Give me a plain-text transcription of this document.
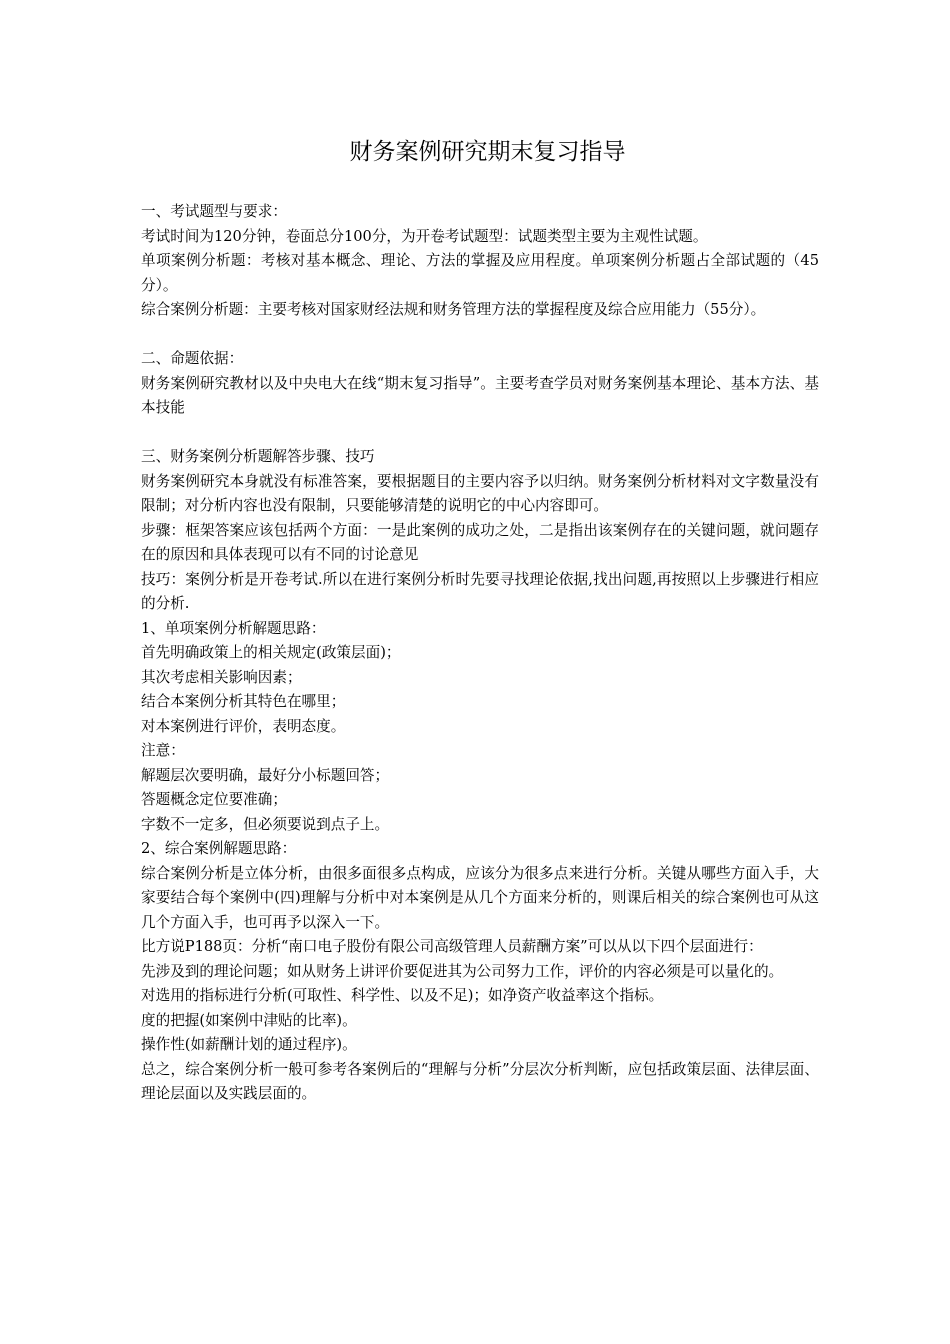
财务案例研究期末复习指导

一、考试题型与要求：

考试时间为120分钟，卷面总分100分，为开卷考试题型：试题类型主要为主观性试题。

单项案例分析题：考核对基本概念、理论、方法的掌握及应用程度。单项案例分析题占全部试题的（45分）。

综合案例分析题：主要考核对国家财经法规和财务管理方法的掌握程度及综合应用能力（55分）。

二、命题依据：

财务案例研究教材以及中央电大在线“期末复习指导”。主要考查学员对财务案例基本理论、基本方法、基本技能

三、财务案例分析题解答步骤、技巧

财务案例研究本身就没有标准答案，要根据题目的主要内容予以归纳。财务案例分析材料对文字数量没有限制；对分析内容也没有限制，只要能够清楚的说明它的中心内容即可。

步骤：框架答案应该包括两个方面：一是此案例的成功之处，二是指出该案例存在的关键问题，就问题存在的原因和具体表现可以有不同的讨论意见

技巧：案例分析是开卷考试.所以在进行案例分析时先要寻找理论依据,找出问题,再按照以上步骤进行相应的分析.

1、单项案例分析解题思路：

首先明确政策上的相关规定(政策层面)；

其次考虑相关影响因素；

结合本案例分析其特色在哪里；

对本案例进行评价，表明态度。

注意：

解题层次要明确，最好分小标题回答；

答题概念定位要准确；

字数不一定多，但必须要说到点子上。

2、综合案例解题思路：

综合案例分析是立体分析，由很多面很多点构成，应该分为很多点来进行分析。关键从哪些方面入手，大家要结合每个案例中(四)理解与分析中对本案例是从几个方面来分析的，则课后相关的综合案例也可从这几个方面入手，也可再予以深入一下。

比方说P188页：分析“南口电子股份有限公司高级管理人员薪酬方案”可以从以下四个层面进行：

先涉及到的理论问题；如从财务上讲评价要促进其为公司努力工作，评价的内容必须是可以量化的。

对选用的指标进行分析(可取性、科学性、以及不足)；如净资产收益率这个指标。

度的把握(如案例中津贴的比率)。

操作性(如薪酬计划的通过程序)。

总之，综合案例分析一般可参考各案例后的“理解与分析”分层次分析判断，应包括政策层面、法律层面、理论层面以及实践层面的。
